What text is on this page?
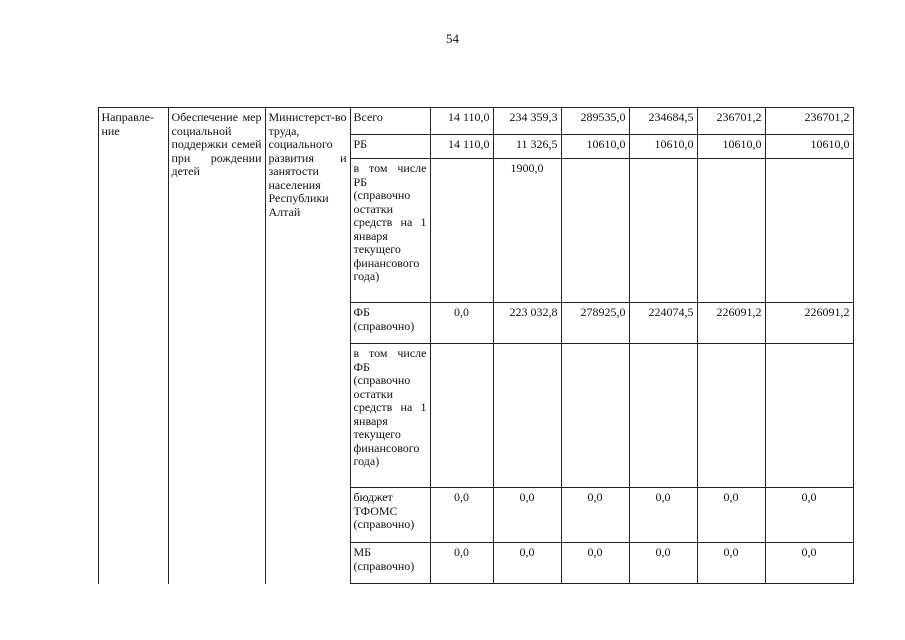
54
	Направле-ние	Обеспечение мер социальной поддержки семей при рождении детей	Министерст-во труда, социального развития и занятости населения Республики Алтай	Всего	14 110,0	234 359,3	289535,0	234684,5	236701,2	236701,2
				РБ	14 110,0	11 326,5	10610,0	10610,0	10610,0	10610,0
				в том числе РБ (справочно остатки средств на 1 января текущего финансового года)		1900,0				
				ФБ (справочно)	0,0	223 032,8	278925,0	224074,5	226091,2	226091,2
				в том числе ФБ (справочно остатки средств на 1 января текущего финансового года)						
				бюджет ТФОМС (справочно)	0,0	0,0	0,0	0,0	0,0	0,0
				МБ (справочно)	0,0	0,0	0,0	0,0	0,0	0,0
